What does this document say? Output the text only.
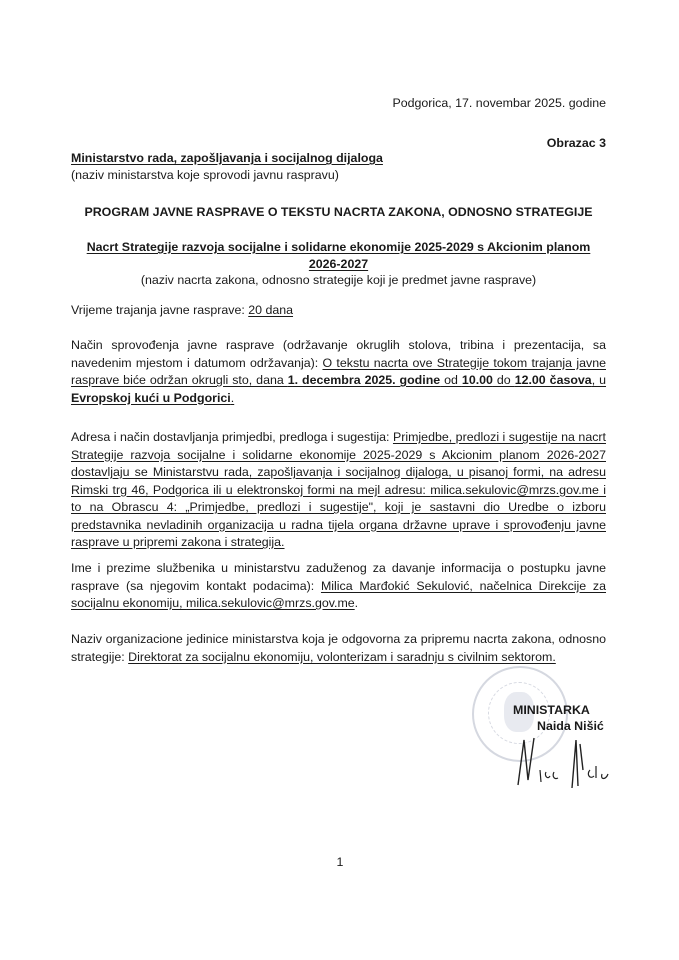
Podgorica, 17. novembar 2025. godine
Obrazac 3
Ministarstvo rada, zapošljavanja i socijalnog dijaloga
(naziv ministarstva koje sprovodi javnu raspravu)
PROGRAM JAVNE RASPRAVE O TEKSTU NACRTA ZAKONA, ODNOSNO STRATEGIJE
Nacrt Strategije razvoja socijalne i solidarne ekonomije 2025-2029 s Akcionim planom
2026-2027
(naziv nacrta zakona, odnosno strategije koji je predmet javne rasprave)
Vrijeme trajanja javne rasprave: 20 dana

Način sprovođenja javne rasprave (održavanje okruglih stolova, tribina i prezentacija, sa navedenim mjestom i datumom održavanja): O tekstu nacrta ove Strategije tokom trajanja javne rasprave biće održan okrugli sto, dana 1. decembra 2025. godine od 10.00 do 12.00 časova, u Evropskoj kući u Podgorici.

Adresa i način dostavljanja primjedbi, predloga i sugestija: Primjedbe, predlozi i sugestije na nacrt Strategije razvoja socijalne i solidarne ekonomije 2025-2029 s Akcionim planom 2026-2027 dostavljaju se Ministarstvu rada, zapošljavanja i socijalnog dijaloga, u pisanoj formi, na adresu Rimski trg 46, Podgorica ili u elektronskoj formi na mejl adresu: milica.sekulovic@mrzs.gov.me i to na Obrascu 4: „Primjedbe, predlozi i sugestije", koji je sastavni dio Uredbe o izboru predstavnika nevladinih organizacija u radna tijela organa državne uprave i sprovođenju javne rasprave u pripremi zakona i strategija.

Ime i prezime službenika u ministarstvu zaduženog za davanje informacija o postupku javne rasprave (sa njegovim kontakt podacima): Milica Marđokić Sekulović, načelnica Direkcije za socijalnu ekonomiju, milica.sekulovic@mrzs.gov.me.

Naziv organizacione jedinice ministarstva koja je odgovorna za pripremu nacrta zakona, odnosno strategije: Direktorat za socijalnu ekonomiju, volonterizam i saradnju s civilnim sektorom.

MINISTARKA
Naida Nišić
1
